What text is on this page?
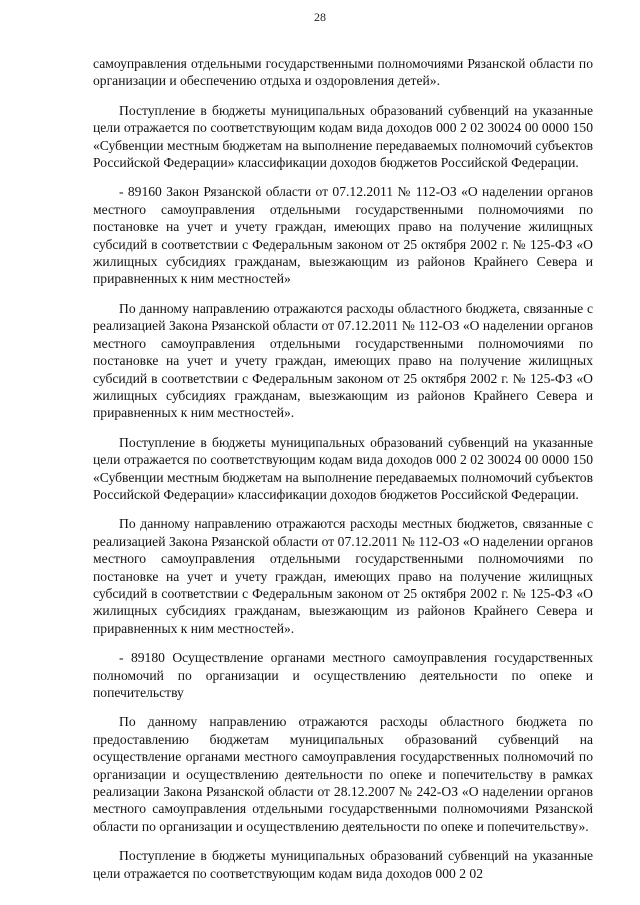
28

самоуправления отдельными государственными полномочиями Рязанской области по организации и обеспечению отдыха и оздоровления детей».

Поступление в бюджеты муниципальных образований субвенций на указанные цели отражается по соответствующим кодам вида доходов 000 2 02 30024 00 0000 150 «Субвенции местным бюджетам на выполнение передаваемых полномочий субъектов Российской Федерации» классификации доходов бюджетов Российской Федерации.

- 89160 Закон Рязанской области от 07.12.2011 № 112-ОЗ «О наделении органов местного самоуправления отдельными государственными полномочиями по постановке на учет и учету граждан, имеющих право на получение жилищных субсидий в соответствии с Федеральным законом от 25 октября 2002 г. № 125-ФЗ «О жилищных субсидиях гражданам, выезжающим из районов Крайнего Севера и приравненных к ним местностей»

По данному направлению отражаются расходы областного бюджета, связанные с реализацией Закона Рязанской области от 07.12.2011 № 112-ОЗ «О наделении органов местного самоуправления отдельными государственными полномочиями по постановке на учет и учету граждан, имеющих право на получение жилищных субсидий в соответствии с Федеральным законом от 25 октября 2002 г. № 125-ФЗ «О жилищных субсидиях гражданам, выезжающим из районов Крайнего Севера и приравненных к ним местностей».

Поступление в бюджеты муниципальных образований субвенций на указанные цели отражается по соответствующим кодам вида доходов 000 2 02 30024 00 0000 150 «Субвенции местным бюджетам на выполнение передаваемых полномочий субъектов Российской Федерации» классификации доходов бюджетов Российской Федерации.

По данному направлению отражаются расходы местных бюджетов, связанные с реализацией Закона Рязанской области от 07.12.2011 № 112-ОЗ «О наделении органов местного самоуправления отдельными государственными полномочиями по постановке на учет и учету граждан, имеющих право на получение жилищных субсидий в соответствии с Федеральным законом от 25 октября 2002 г. № 125-ФЗ «О жилищных субсидиях гражданам, выезжающим из районов Крайнего Севера и приравненных к ним местностей».

- 89180 Осуществление органами местного самоуправления государственных полномочий по организации и осуществлению деятельности по опеке и попечительству

По данному направлению отражаются расходы областного бюджета по предоставлению бюджетам муниципальных образований субвенций на осуществление органами местного самоуправления государственных полномочий по организации и осуществлению деятельности по опеке и попечительству в рамках реализации Закона Рязанской области от 28.12.2007 № 242-ОЗ «О наделении органов местного самоуправления отдельными государственными полномочиями Рязанской области по организации и осуществлению деятельности по опеке и попечительству».

Поступление в бюджеты муниципальных образований субвенций на указанные цели отражается по соответствующим кодам вида доходов 000 2 02
